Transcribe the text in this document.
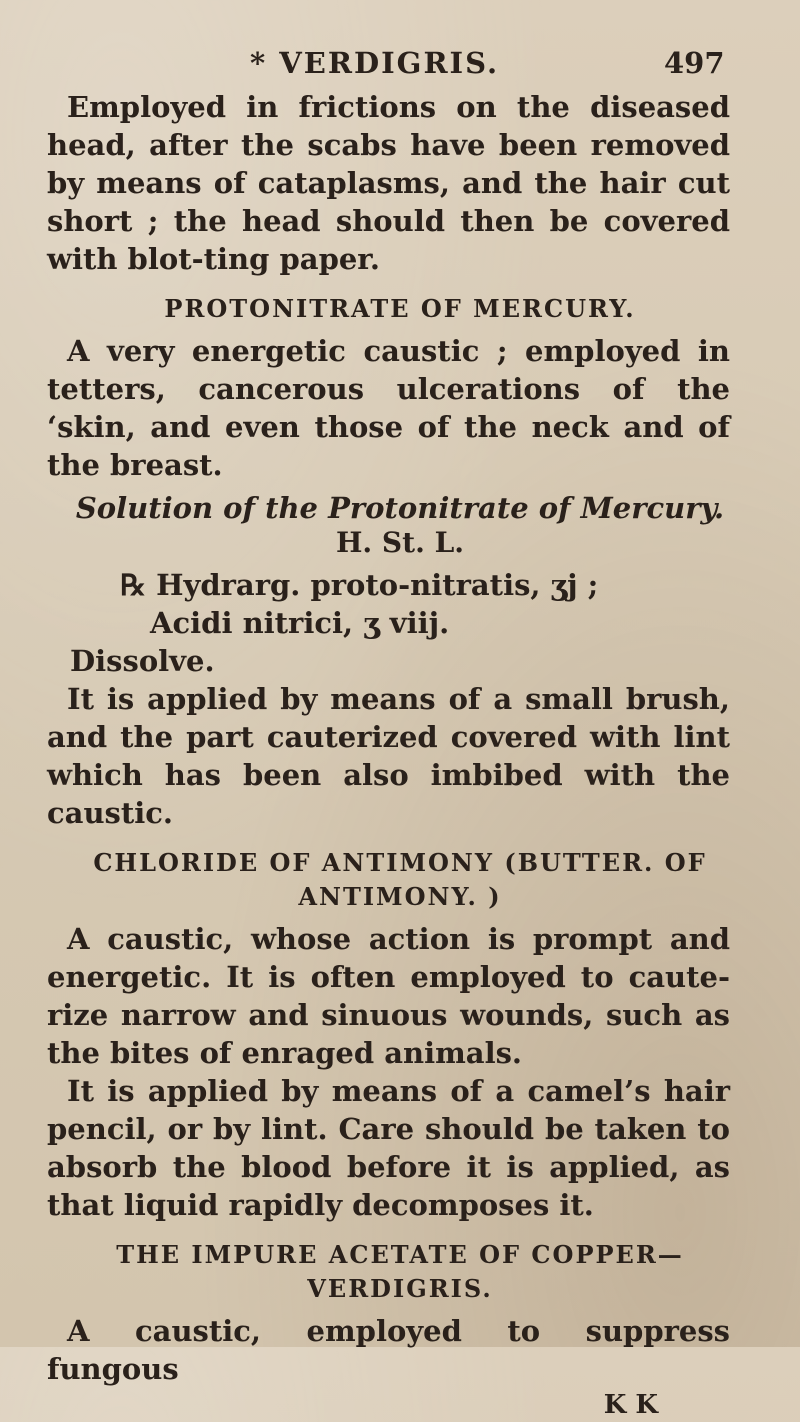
* VERDIGRIS.	497

Employed in frictions on the diseased head, after the scabs have been removed by means of cataplasms, and the hair cut short ; the head should then be covered with blot-ting paper.

PROTONITRATE OF MERCURY.

A very energetic caustic ; employed in tetters, cancerous ulcerations of the ‘skin, and even those of the neck and of the breast.

Solution of the Protonitrate of Mercury.
H. St. L.

℞ Hydrarg. proto-nitratis, ʒj ;

Acidi nitrici, ʒ viij.

Dissolve.

It is applied by means of a small brush, and the part cauterized covered with lint which has been also imbibed with the caustic.

CHLORIDE OF ANTIMONY (BUTTER. OF ANTIMONY. )

A caustic, whose action is prompt and energetic. It is often employed to caute-rize narrow and sinuous wounds, such as the bites of enraged animals.

It is applied by means of a camel’s hair pencil, or by lint. Care should be taken to absorb the blood before it is applied, as that liquid rapidly decomposes it.

THE IMPURE ACETATE OF COPPER— VERDIGRIS.

A caustic, employed to suppress fungous

K K
